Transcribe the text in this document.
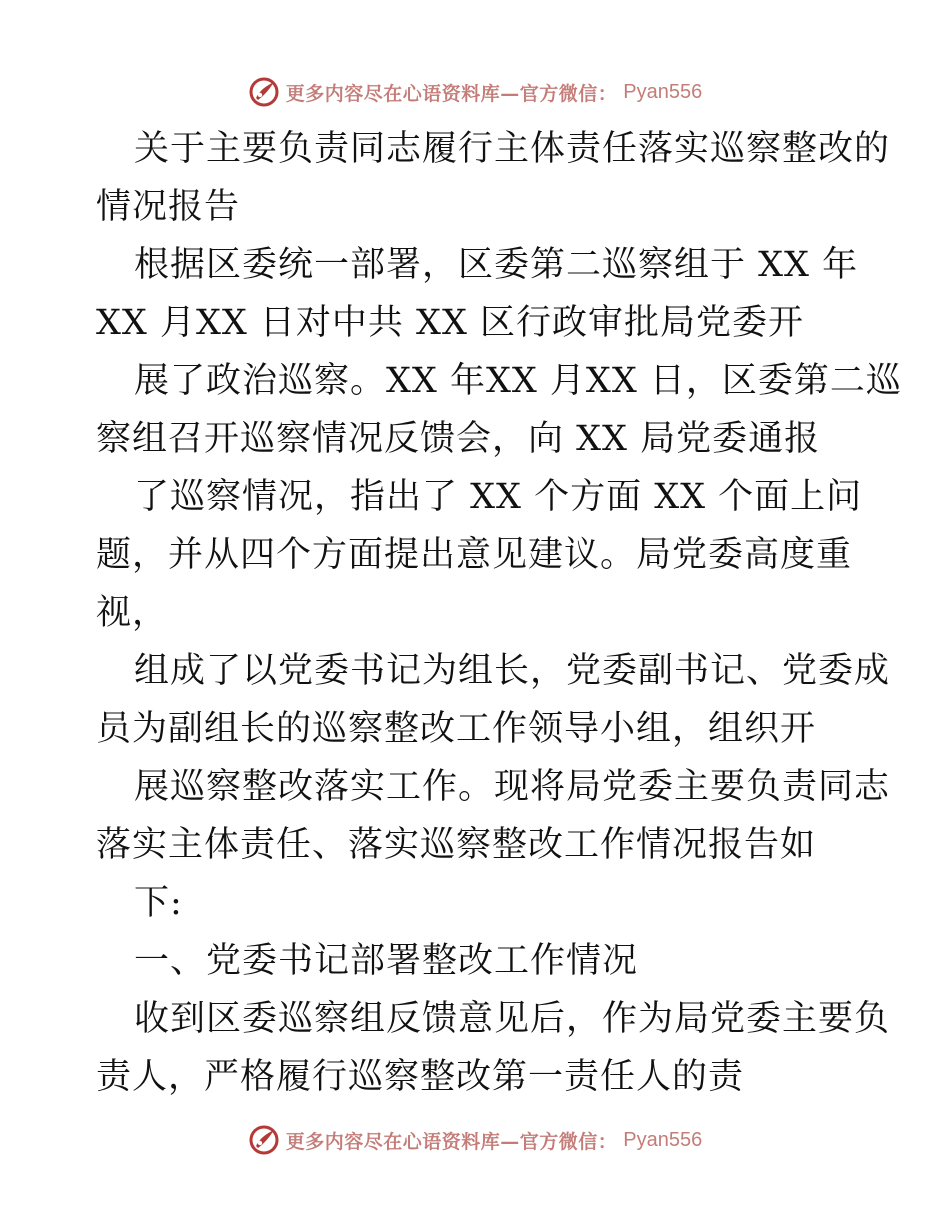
更多内容尽在心语资料库—官方微信： Pyan556
关于主要负责同志履行主体责任落实巡察整改的
情况报告
根据区委统一部署，区委第二巡察组于 XX 年
XX 月XX 日对中共 XX 区行政审批局党委开
展了政治巡察。XX 年XX 月XX 日，区委第二巡
察组召开巡察情况反馈会，向 XX 局党委通报
了巡察情况，指出了 XX 个方面 XX 个面上问
题，并从四个方面提出意见建议。局党委高度重
视，
组成了以党委书记为组长，党委副书记、党委成
员为副组长的巡察整改工作领导小组，组织开
展巡察整改落实工作。现将局党委主要负责同志
落实主体责任、落实巡察整改工作情况报告如
下:
一、党委书记部署整改工作情况
收到区委巡察组反馈意见后，作为局党委主要负
责人，严格履行巡察整改第一责任人的责
更多内容尽在心语资料库—官方微信： Pyan556
